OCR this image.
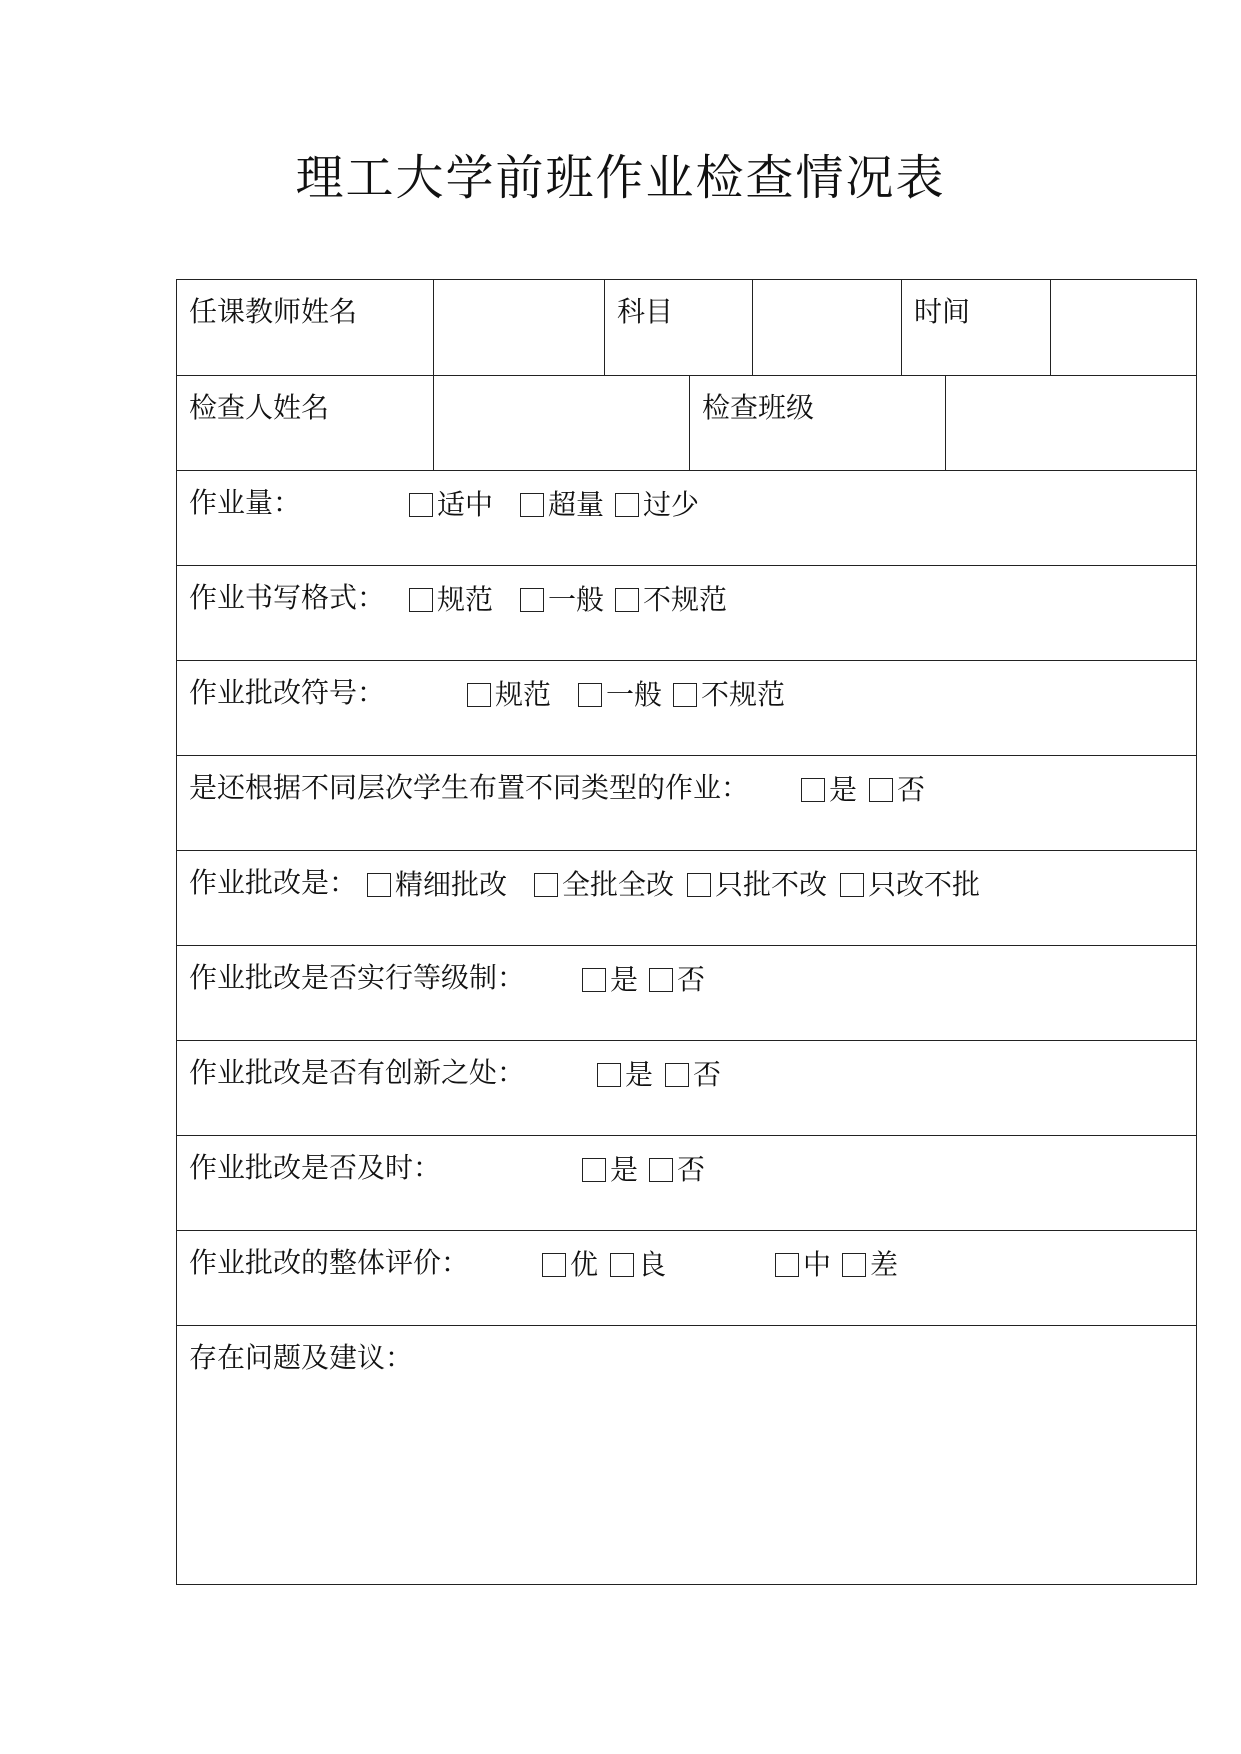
理工大学前班作业检查情况表
任课教师姓名	科目	时间
检查人姓名	检查班级
作业量：	适中 超量 过少
作业书写格式： 规范 一般 不规范
作业批改符号：	规范 一般 不规范
是还根据不同层次学生布置不同类型的作业：	是 否
作业批改是： 精细批改 全批全改 只批不改 只改不批
作业批改是否实行等级制：	是 否
作业批改是否有创新之处：	是 否
作业批改是否及时：	是 否
作业批改的整体评价：	优 良	中 差
存在问题及建议：
